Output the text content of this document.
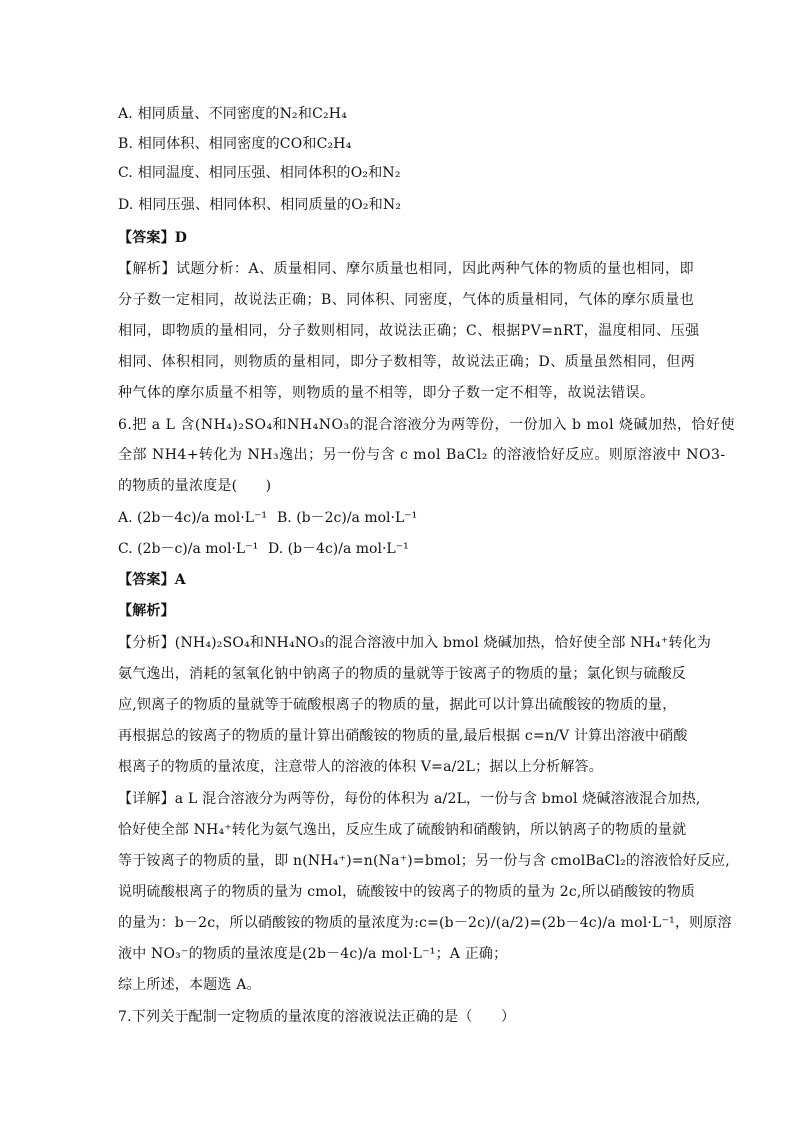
A. 相同质量、不同密度的N₂和C₂H₄
B. 相同体积、相同密度的CO和C₂H₄
C. 相同温度、相同压强、相同体积的O₂和N₂
D. 相同压强、相同体积、相同质量的O₂和N₂
【答案】D
【解析】试题分析：A、质量相同、摩尔质量也相同，因此两种气体的物质的量也相同，即
分子数一定相同，故说法正确；B、同体积、同密度，气体的质量相同，气体的摩尔质量也
相同，即物质的量相同，分子数则相同，故说法正确；C、根据PV=nRT，温度相同、压强
相同、体积相同，则物质的量相同，即分子数相等，故说法正确；D、质量虽然相同，但两
种气体的摩尔质量不相等，则物质的量不相等，即分子数一定不相等，故说法错误。
6.把 a L 含(NH₄)₂SO₄和NH₄NO₃的混合溶液分为两等份，一份加入 b mol 烧碱加热，恰好使
全部 NH4+转化为 NH₃逸出；另一份与含 c mol BaCl₂ 的溶液恰好反应。则原溶液中 NO3-
的物质的量浓度是(　　)
A. (2b－4c)/a mol·L⁻¹ B. (b－2c)/a mol·L⁻¹
C. (2b－c)/a mol·L⁻¹ D. (b－4c)/a mol·L⁻¹
【答案】A
【解析】
【分析】(NH₄)₂SO₄和NH₄NO₃的混合溶液中加入 bmol 烧碱加热，恰好使全部 NH₄⁺转化为
氨气逸出，消耗的氢氧化钠中钠离子的物质的量就等于铵离子的物质的量；氯化钡与硫酸反
应,钡离子的物质的量就等于硫酸根离子的物质的量，据此可以计算出硫酸铵的物质的量，
再根据总的铵离子的物质的量计算出硝酸铵的物质的量,最后根据 c=n/V 计算出溶液中硝酸
根离子的物质的量浓度，注意带人的溶液的体积 V=a/2L；据以上分析解答。
【详解】a L 混合溶液分为两等份，每份的体积为 a/2L，一份与含 bmol 烧碱溶液混合加热,
恰好使全部 NH₄⁺转化为氨气逸出，反应生成了硫酸钠和硝酸钠，所以钠离子的物质的量就
等于铵离子的物质的量，即 n(NH₄⁺)=n(Na⁺)=bmol；另一份与含 cmolBaCl₂的溶液恰好反应,
说明硫酸根离子的物质的量为 cmol，硫酸铵中的铵离子的物质的量为 2c,所以硝酸铵的物质
的量为：b－2c，所以硝酸铵的物质的量浓度为:c=(b－2c)/(a/2)=(2b－4c)/a mol·L⁻¹，则原溶
液中 NO₃⁻的物质的量浓度是(2b－4c)/a mol·L⁻¹；A 正确；
综上所述，本题选 A。
7.下列关于配制一定物质的量浓度的溶液说法正确的是（　　）
